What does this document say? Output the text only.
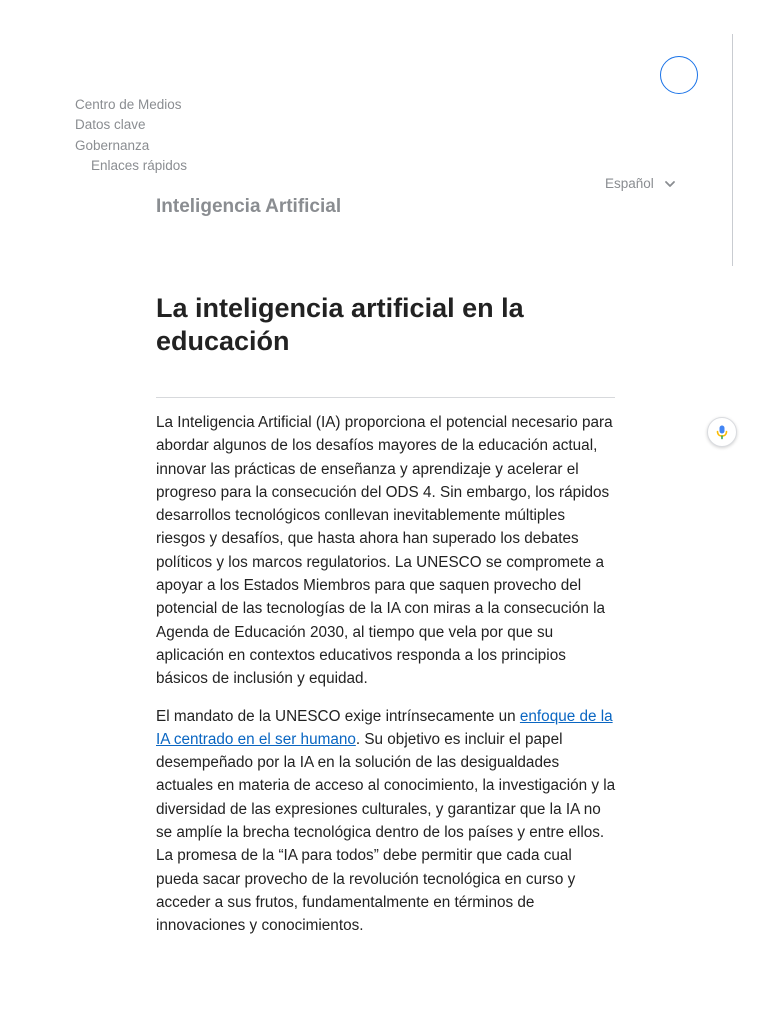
Centro de Medios
Datos clave
Gobernanza
Enlaces rápidos
Español
Inteligencia Artificial
La inteligencia artificial en la educación

La Inteligencia Artificial (IA) proporciona el potencial necesario para abordar algunos de los desafíos mayores de la educación actual, innovar las prácticas de enseñanza y aprendizaje y acelerar el progreso para la consecución del ODS 4. Sin embargo, los rápidos desarrollos tecnológicos conllevan inevitablemente múltiples riesgos y desafíos, que hasta ahora han superado los debates políticos y los marcos regulatorios. La UNESCO se compromete a apoyar a los Estados Miembros para que saquen provecho del potencial de las tecnologías de la IA con miras a la consecución la Agenda de Educación 2030, al tiempo que vela por que su aplicación en contextos educativos responda a los principios básicos de inclusión y equidad.

El mandato de la UNESCO exige intrínsecamente un enfoque de la IA centrado en el ser humano. Su objetivo es incluir el papel desempeñado por la IA en la solución de las desigualdades actuales en materia de acceso al conocimiento, la investigación y la diversidad de las expresiones culturales, y garantizar que la IA no se amplíe la brecha tecnológica dentro de los países y entre ellos. La promesa de la “IA para todos” debe permitir que cada cual pueda sacar provecho de la revolución tecnológica en curso y acceder a sus frutos, fundamentalmente en términos de innovaciones y conocimientos.
